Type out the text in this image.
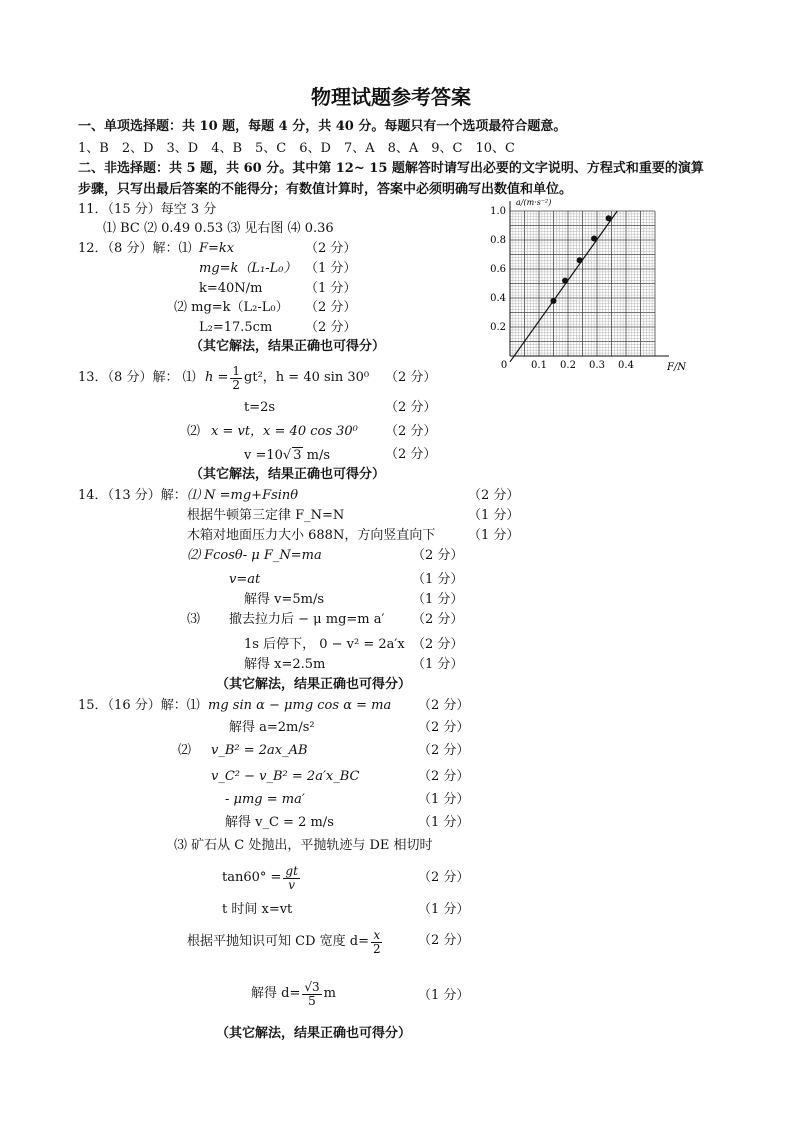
物理试题参考答案
一、单项选择题：共 10 题，每题 4 分，共 40 分。每题只有一个选项最符合题意。
1、B　2、D　3、D　4、B　5、C　6、D　7、A　8、A　9、C　10、C
二、非选择题：共 5 题，共 60 分。其中第 12~ 15 题解答时请写出必要的文字说明、方程式和重要的演算
步骤，只写出最后答案的不能得分；有数值计算时，答案中必须明确写出数值和单位。
11．（15 分）每空 3 分
⑴ BC ⑵ 0.49 0.53 ⑶ 见右图 ⑷ 0.36
0.1 0.2 0.3 0.4
0.2
0.4
0.6
0.8
1.0
0	F/N
a/(m·s⁻²)
12．（8 分）解：⑴ F=kx	（2 分）
mg=k（L₁-L₀） （1 分）
k=40N/m	（1 分）
⑵ mg=k（L₂-L₀） （2 分）
L₂=17.5cm	（2 分）
（其它解法，结果正确也可得分）
13．（8 分）解： ⑴ $h = \frac{1}{2} gt^2$，h = 40 sin 30⁰ （2 分）
t=2s	（2 分）
⑵ x = vt，x = 40 cos 30⁰ （2 分）
v =10√ 3 m/s	（2 分）
（其它解法，结果正确也可得分）
14．（13 分）解： ⑴ N =mg+Fsinθ	（2 分）
根据牛顿第三定律 F_N=N	（1 分）
木箱对地面压力大小 688N，方向竖直向下	（1 分）
⑵ Fcosθ- μ F_N=ma	（2 分）
v=at	（1 分）
解得 v=5m/s	（1 分）
⑶ 撤去拉力后 − μ mg=m a′ （2 分）
1s 后停下， 0 − v² = 2a′x （2 分）
解得 x=2.5m	（1 分）
（其它解法，结果正确也可得分）
15．（16 分）解：⑴ mg sin α − μmg cos α = ma （2 分）
解得 a=2m/s²	（2 分）
⑵ v_B² = 2ax_AB	（2 分）
v_C² − v_B² = 2a′x_BC	（2 分）
- μmg = ma′	（1 分）
解得 v_C = 2 m/s	（1 分）
⑶ 矿石从 C 处抛出，平抛轨迹与 DE 相切时
$\tan 60^\circ = \frac{gt}{v}$	（2 分）
t 时间 x=vt	（1 分）
根据平抛知识可知 CD 宽度 $d= \frac{x}{2}$	（2 分）
解得 $d= \frac{√3}{5}$ m	（1 分）
（其它解法，结果正确也可得分）
